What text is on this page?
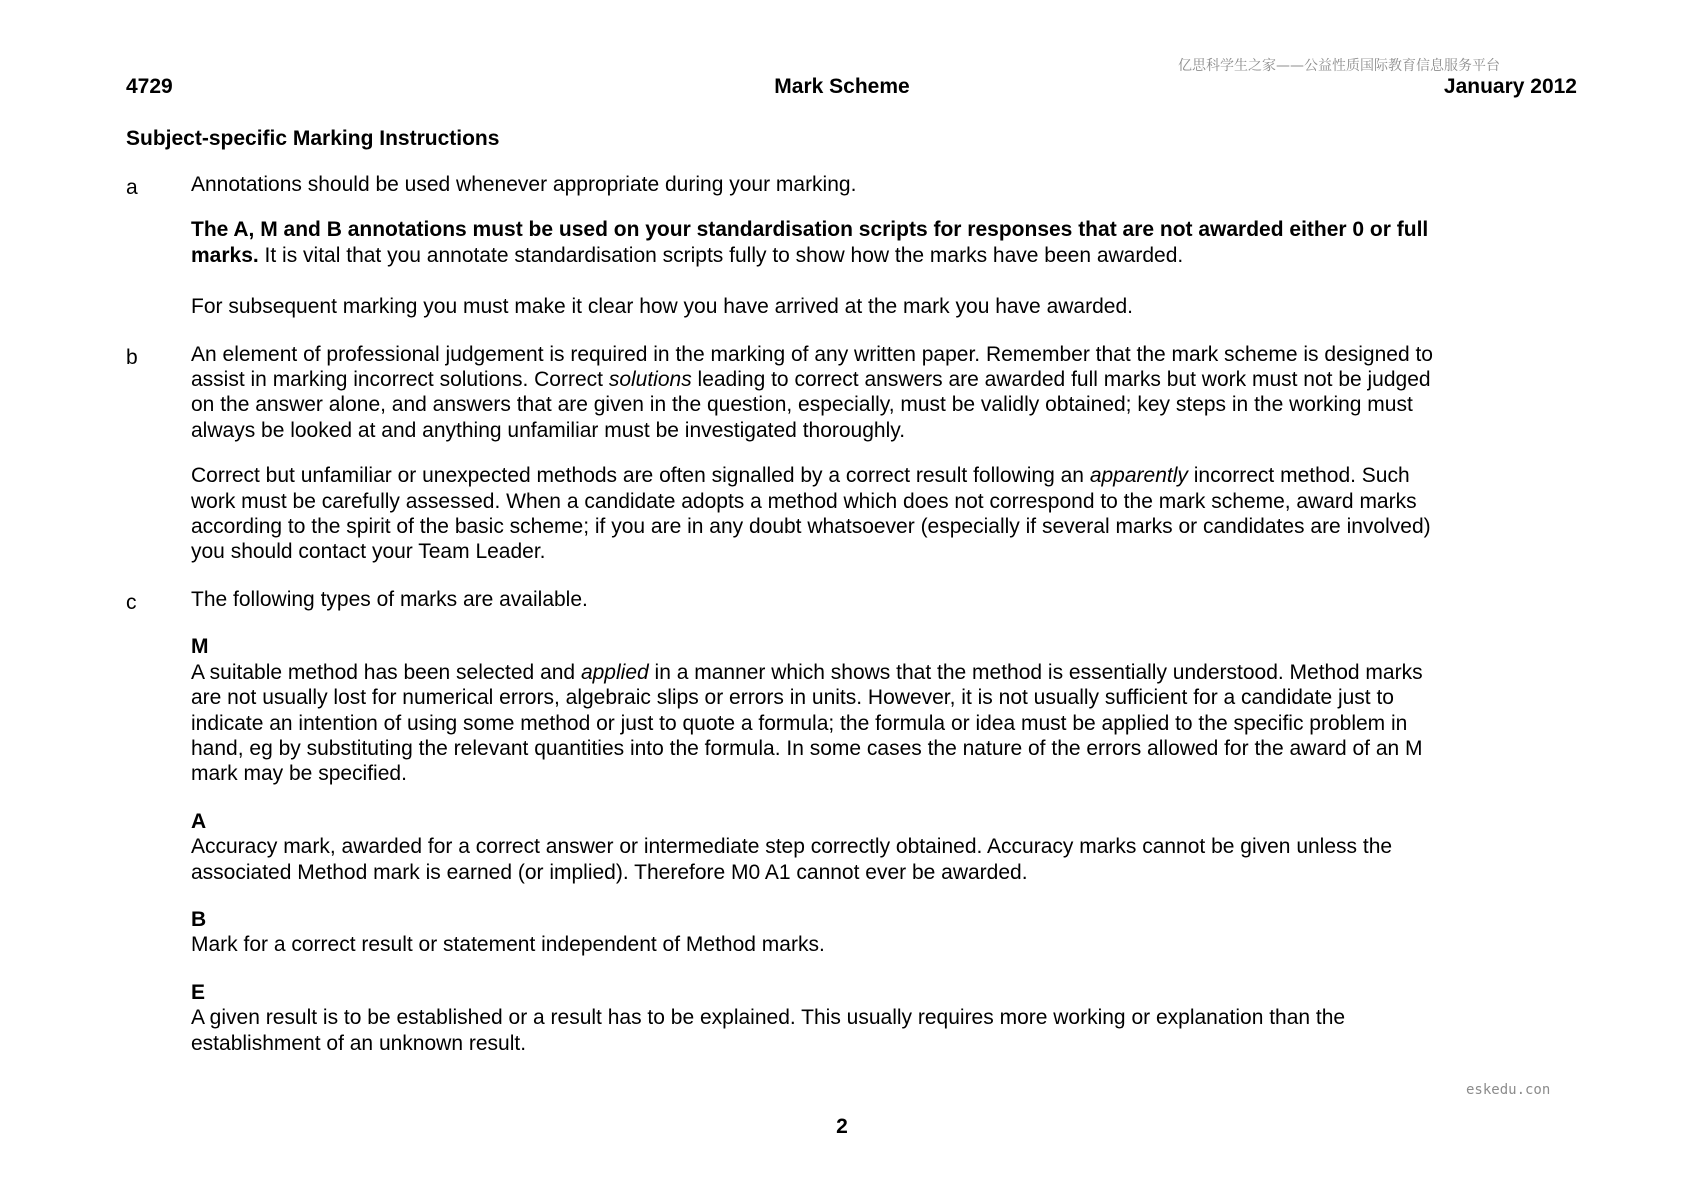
亿思科学生之家——公益性质国际教育信息服务平台
4729	Mark Scheme	January 2012
Subject-specific Marking Instructions
a	Annotations should be used whenever appropriate during your marking.

The A, M and B annotations must be used on your standardisation scripts for responses that are not awarded either 0 or full marks. It is vital that you annotate standardisation scripts fully to show how the marks have been awarded.

For subsequent marking you must make it clear how you have arrived at the mark you have awarded.

b	An element of professional judgement is required in the marking of any written paper. Remember that the mark scheme is designed to assist in marking incorrect solutions. Correct solutions leading to correct answers are awarded full marks but work must not be judged on the answer alone, and answers that are given in the question, especially, must be validly obtained; key steps in the working must always be looked at and anything unfamiliar must be investigated thoroughly.

Correct but unfamiliar or unexpected methods are often signalled by a correct result following an apparently incorrect method. Such work must be carefully assessed. When a candidate adopts a method which does not correspond to the mark scheme, award marks according to the spirit of the basic scheme; if you are in any doubt whatsoever (especially if several marks or candidates are involved) you should contact your Team Leader.

c	The following types of marks are available.

M
A suitable method has been selected and applied in a manner which shows that the method is essentially understood. Method marks are not usually lost for numerical errors, algebraic slips or errors in units. However, it is not usually sufficient for a candidate just to indicate an intention of using some method or just to quote a formula; the formula or idea must be applied to the specific problem in hand, eg by substituting the relevant quantities into the formula. In some cases the nature of the errors allowed for the award of an M mark may be specified.
A
Accuracy mark, awarded for a correct answer or intermediate step correctly obtained. Accuracy marks cannot be given unless the associated Method mark is earned (or implied). Therefore M0 A1 cannot ever be awarded.
B
Mark for a correct result or statement independent of Method marks.
E
A given result is to be established or a result has to be explained. This usually requires more working or explanation than the establishment of an unknown result.
eskedu.con
2
